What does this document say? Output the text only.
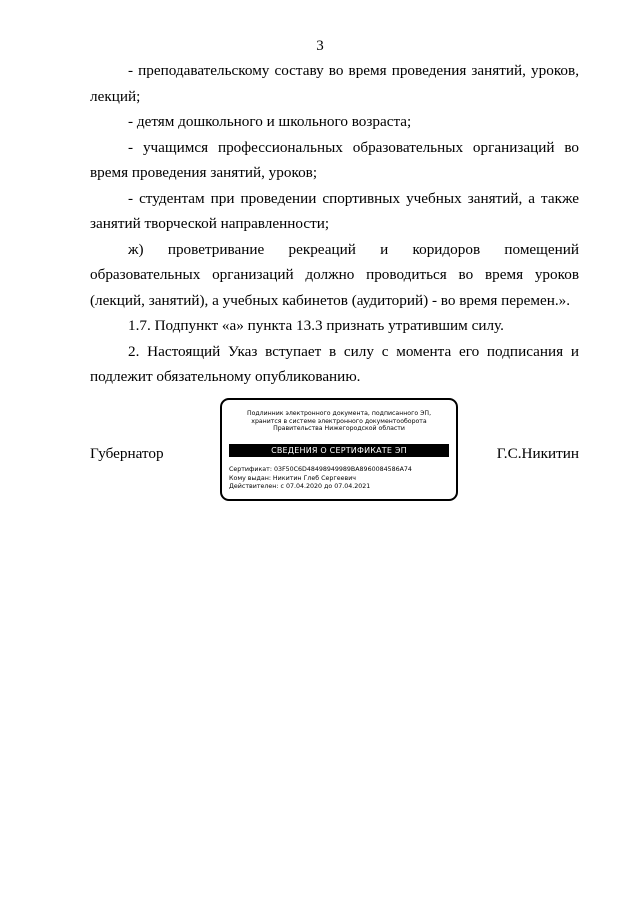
3

- преподавательскому составу во время проведения занятий, уроков, лекций;

- детям дошкольного и школьного возраста;

- учащимся профессиональных образовательных организаций во время проведения занятий, уроков;

- студентам при проведении спортивных учебных занятий, а также занятий творческой направленности;

ж) проветривание рекреаций и коридоров помещений образовательных организаций должно проводиться во время уроков (лекций, занятий), а учебных кабинетов (аудиторий) - во время перемен.».

1.7. Подпункт «а» пункта 13.3 признать утратившим силу.

2. Настоящий Указ вступает в силу с момента его подписания и подлежит обязательному опубликованию.

Губернатор	Г.С.Никитин
Подлинник электронного документа, подписанного ЭП,
хранится в системе электронного документооборота
Правительства Нижегородской области
СВЕДЕНИЯ О СЕРТИФИКАТЕ ЭП
Сертификат: 03F50C6D48498949989BA8960084586A74
Кому выдан: Никитин Глеб Сергеевич
Действителен: с 07.04.2020 до 07.04.2021
